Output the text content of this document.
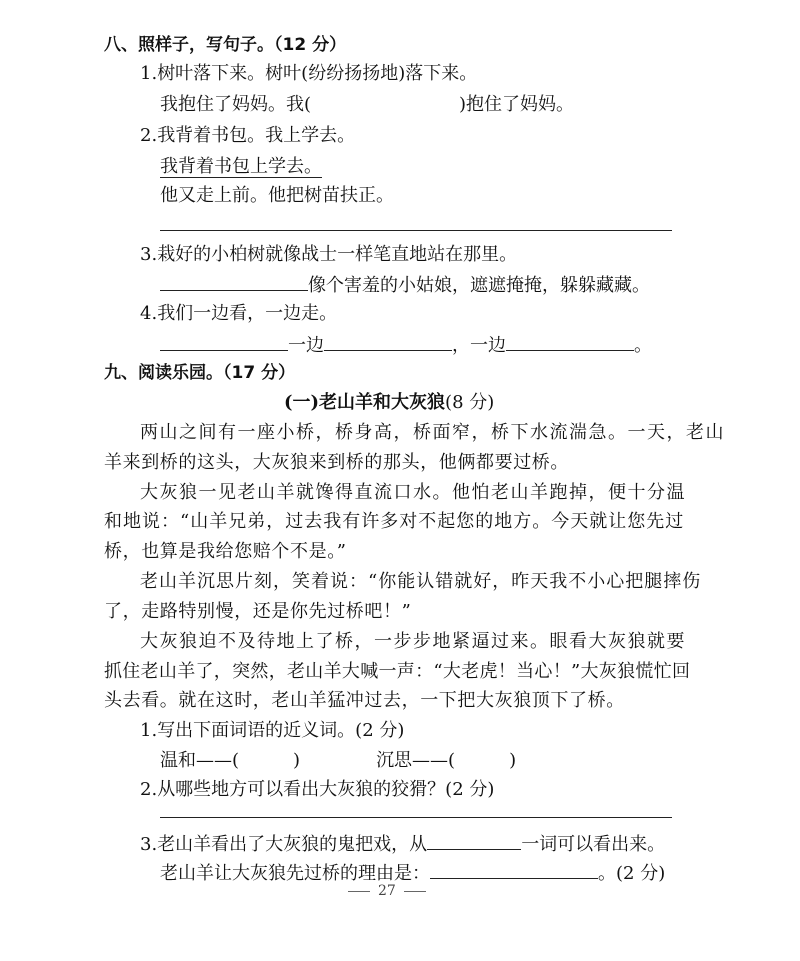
八、照样子，写句子。（12 分）
1.树叶落下来。树叶(纷纷扬扬地)落下来。
我抱住了妈妈。我(	)抱住了妈妈。
2.我背着书包。我上学去。
我背着书包上学去。
他又走上前。他把树苗扶正。
3.栽好的小柏树就像战士一样笔直地站在那里。
像个害羞的小姑娘，遮遮掩掩，躲躲藏藏。
4.我们一边看，一边走。
一边	，一边	。
九、阅读乐园。（17 分）
(一)老山羊和大灰狼(8 分)
两山之间有一座小桥，桥身高，桥面窄，桥下水流湍急。一天，老山
羊来到桥的这头，大灰狼来到桥的那头，他俩都要过桥。
大灰狼一见老山羊就馋得直流口水。他怕老山羊跑掉，便十分温
和地说：“山羊兄弟，过去我有许多对不起您的地方。今天就让您先过
桥，也算是我给您赔个不是。”
老山羊沉思片刻，笑着说：“你能认错就好，昨天我不小心把腿摔伤
了，走路特别慢，还是你先过桥吧！”
大灰狼迫不及待地上了桥，一步步地紧逼过来。眼看大灰狼就要
抓住老山羊了，突然，老山羊大喊一声：“大老虎！当心！”大灰狼慌忙回
头去看。就在这时，老山羊猛冲过去，一下把大灰狼顶下了桥。
1.写出下面词语的近义词。(2 分)
温和——(	)	沉思——(	)
2.从哪些地方可以看出大灰狼的狡猾？(2 分)
3.老山羊看出了大灰狼的鬼把戏，从	一词可以看出来。
老山羊让大灰狼先过桥的理由是：	。(2 分)
27
